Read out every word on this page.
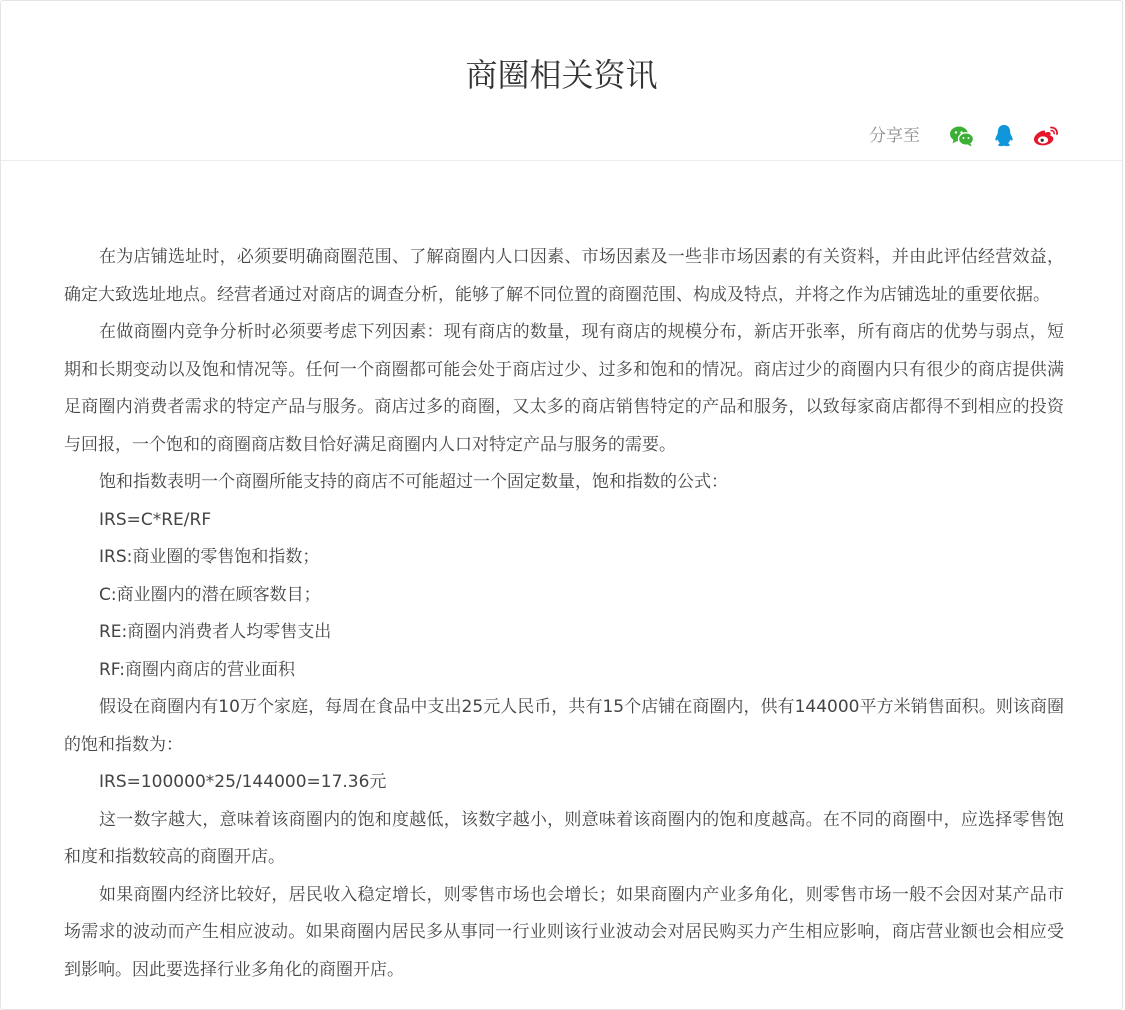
商圈相关资讯
分享至

在为店铺选址时，必须要明确商圈范围、了解商圈内人口因素、市场因素及一些非市场因素的有关资料，并由此评估经营效益，确定大致选址地点。经营者通过对商店的调查分析，能够了解不同位置的商圈范围、构成及特点，并将之作为店铺选址的重要依据。

在做商圈内竞争分析时必须要考虑下列因素：现有商店的数量，现有商店的规模分布，新店开张率，所有商店的优势与弱点，短期和长期变动以及饱和情况等。任何一个商圈都可能会处于商店过少、过多和饱和的情况。商店过少的商圈内只有很少的商店提供满足商圈内消费者需求的特定产品与服务。商店过多的商圈，又太多的商店销售特定的产品和服务，以致每家商店都得不到相应的投资与回报，一个饱和的商圈商店数目恰好满足商圈内人口对特定产品与服务的需要。

饱和指数表明一个商圈所能支持的商店不可能超过一个固定数量，饱和指数的公式：

IRS=C*RE/RF

IRS:商业圈的零售饱和指数；

C:商业圈内的潜在顾客数目；

RE:商圈内消费者人均零售支出

RF:商圈内商店的营业面积

假设在商圈内有10万个家庭，每周在食品中支出25元人民币，共有15个店铺在商圈内，供有144000平方米销售面积。则该商圈的饱和指数为：

IRS=100000*25/144000=17.36元

这一数字越大，意味着该商圈内的饱和度越低，该数字越小，则意味着该商圈内的饱和度越高。在不同的商圈中，应选择零售饱和度和指数较高的商圈开店。

如果商圈内经济比较好，居民收入稳定增长，则零售市场也会增长；如果商圈内产业多角化，则零售市场一般不会因对某产品市场需求的波动而产生相应波动。如果商圈内居民多从事同一行业则该行业波动会对居民购买力产生相应影响，商店营业额也会相应受到影响。因此要选择行业多角化的商圈开店。
